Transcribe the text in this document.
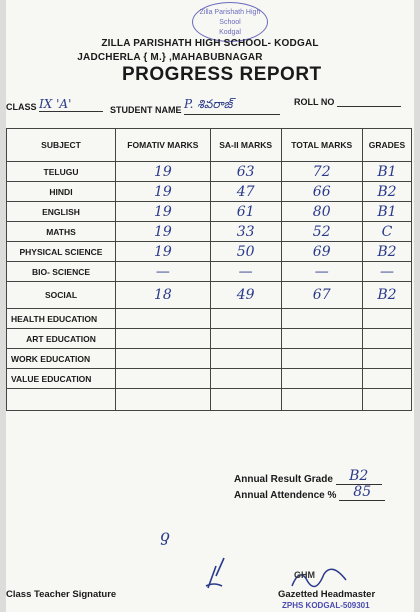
Zilla Parishath High School
Kodgal
ZILLA PARISHATH HIGH SCHOOL- KODGAL
JADCHERLA { M.} ,MAHABUBNAGAR
PROGRESS REPORT
CLASS IX 'A'	STUDENT NAME P. శివరాజ్	ROLL NO
SUBJECT	FOMATIV MARKS	SA-II MARKS	TOTAL MARKS	GRADES
TELUGU	19	63	72	B1
HINDI	19	47	66	B2
ENGLISH	19	61	80	B1
MATHS	19	33	52	C
PHYSICAL SCIENCE	19	50	69	B2
BIO- SCIENCE	—	—	—	—
SOCIAL	18	49	67	B2
HEALTH EDUCATION				
ART EDUCATION				
WORK EDUCATION				
VALUE EDUCATION				

Annual Result Grade B2
Annual Attendence % 85
ƍ
Class Teacher Signature
GHM
Gazetted Headmaster
ZPHS KODGAL-509301
